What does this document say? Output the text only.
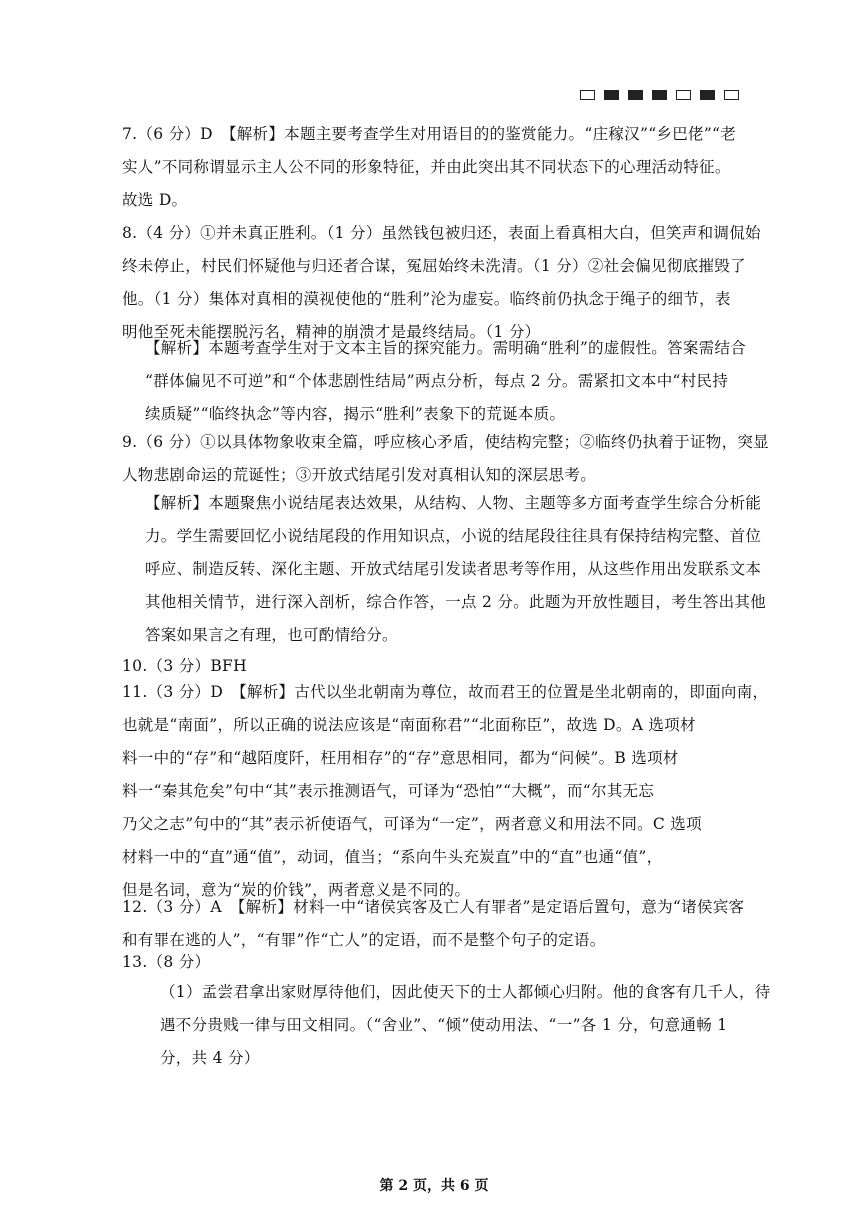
7.（6 分）D　【解析】本题主要考查学生对用语目的的鉴赏能力。“庄稼汉”“乡巴佬”“老
实人”不同称谓显示主人公不同的形象特征，并由此突出其不同状态下的心理活动特征。
故选 D。

8.（4 分）①并未真正胜利。（1 分）虽然钱包被归还，表面上看真相大白，但笑声和调侃始
终未停止，村民们怀疑他与归还者合谋，冤屈始终未洗清。（1 分）②社会偏见彻底摧毁了
他。（1 分）集体对真相的漠视使他的“胜利”沦为虚妄。临终前仍执念于绳子的细节，表
明他至死未能摆脱污名，精神的崩溃才是最终结局。（1 分）

【解析】本题考查学生对于文本主旨的探究能力。需明确“胜利”的虚假性。答案需结合
“群体偏见不可逆”和“个体悲剧性结局”两点分析，每点 2 分。需紧扣文本中“村民持
续质疑”“临终执念”等内容，揭示“胜利”表象下的荒诞本质。

9.（6 分）①以具体物象收束全篇，呼应核心矛盾，使结构完整；②临终仍执着于证物，突显
人物悲剧命运的荒诞性；③开放式结尾引发对真相认知的深层思考。

【解析】本题聚焦小说结尾表达效果，从结构、人物、主题等多方面考查学生综合分析能
力。学生需要回忆小说结尾段的作用知识点，小说的结尾段往往具有保持结构完整、首位
呼应、制造反转、深化主题、开放式结尾引发读者思考等作用，从这些作用出发联系文本
其他相关情节，进行深入剖析，综合作答，一点 2 分。此题为开放性题目，考生答出其他
答案如果言之有理，也可酌情给分。

10.（3 分）BFH

11.（3 分）D　【解析】古代以坐北朝南为尊位，故而君王的位置是坐北朝南的，即面向南，
也就是“南面”，所以正确的说法应该是“南面称君”“北面称臣”，故选 D。A 选项材
料一中的“存”和“越陌度阡，枉用相存”的“存”意思相同，都为“问候”。B 选项材
料一“秦其危矣”句中“其”表示推测语气，可译为“恐怕”“大概”，而“尔其无忘
乃父之志”句中的“其”表示祈使语气，可译为“一定”，两者意义和用法不同。C 选项
材料一中的“直”通“值”，动词，值当；“系向牛头充炭直”中的“直”也通“值”，
但是名词，意为“炭的价钱”，两者意义是不同的。

12.（3 分）A　【解析】材料一中“诸侯宾客及亡人有罪者”是定语后置句，意为“诸侯宾客
和有罪在逃的人”，“有罪”作“亡人”的定语，而不是整个句子的定语。

13.（8 分）

（1）孟尝君拿出家财厚待他们，因此使天下的士人都倾心归附。他的食客有几千人，待
遇不分贵贱一律与田文相同。（“舍业”、“倾”使动用法、“一”各 1 分，句意通畅 1
分，共 4 分）

第 2 页，共 6 页
